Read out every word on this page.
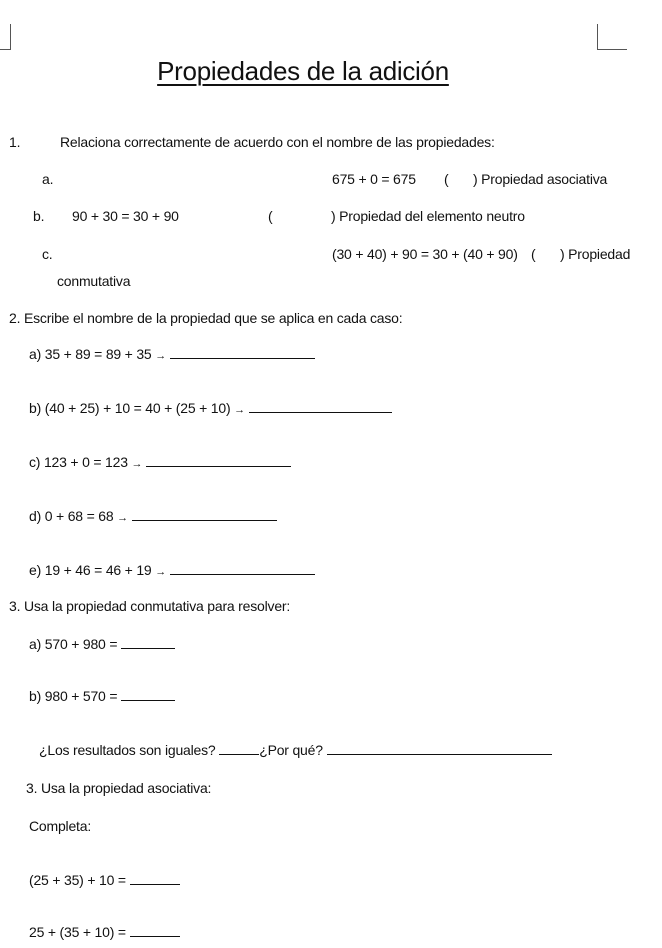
Propiedades de la adición
1.	Relaciona correctamente de acuerdo con el nombre de las propiedades:
a.	675 + 0 = 675 ( ) Propiedad asociativa
b. 90 + 30 = 30 + 90	(	) Propiedad del elemento neutro
c.	(30 + 40) + 90 = 30 + (40 + 90) ( ) Propiedad
conmutativa
2. Escribe el nombre de la propiedad que se aplica en cada caso:
a) 35 + 89 = 89 + 35 →
b) (40 + 25) + 10 = 40 + (25 + 10) →
c) 123 + 0 = 123 →
d) 0 + 68 = 68 →
e) 19 + 46 = 46 + 19 →
3. Usa la propiedad conmutativa para resolver:
a) 570 + 980 =
b) 980 + 570 =
¿Los resultados son iguales?	¿Por qué?
3. Usa la propiedad asociativa:
Completa:
(25 + 35) + 10 =
25 + (35 + 10) =
